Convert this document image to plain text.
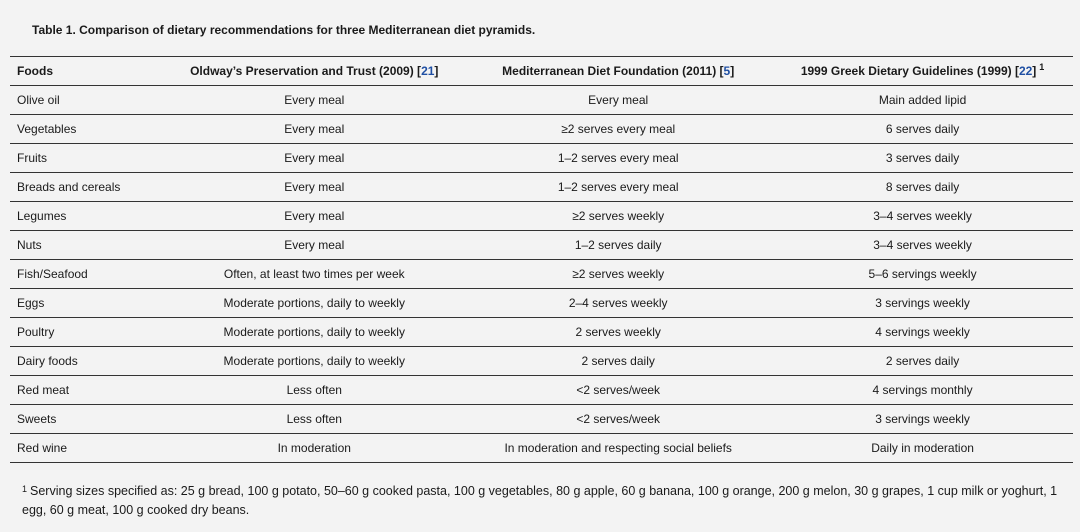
Table 1. Comparison of dietary recommendations for three Mediterranean diet pyramids.
Foods	Oldway’s Preservation and Trust (2009) [21]	Mediterranean Diet Foundation (2011) [5]	1999 Greek Dietary Guidelines (1999) [22] $^1$
Olive oil	Every meal	Every meal	Main added lipid
Vegetables	Every meal	≥2 serves every meal	6 serves daily
Fruits	Every meal	1–2 serves every meal	3 serves daily
Breads and cereals	Every meal	1–2 serves every meal	8 serves daily
Legumes	Every meal	≥2 serves weekly	3–4 serves weekly
Nuts	Every meal	1–2 serves daily	3–4 serves weekly
Fish/Seafood	Often, at least two times per week	≥2 serves weekly	5–6 servings weekly
Eggs	Moderate portions, daily to weekly	2–4 serves weekly	3 servings weekly
Poultry	Moderate portions, daily to weekly	2 serves weekly	4 servings weekly
Dairy foods	Moderate portions, daily to weekly	2 serves daily	2 serves daily
Red meat	Less often	<2 serves/week	4 servings monthly
Sweets	Less often	<2 serves/week	3 servings weekly
Red wine	In moderation	In moderation and respecting social beliefs	Daily in moderation
$^1$ Serving sizes specified as: 25 g bread, 100 g potato, 50–60 g cooked pasta, 100 g vegetables, 80 g apple, 60 g banana, 100 g orange, 200 g melon, 30 g grapes, 1 cup milk or yoghurt, 1 egg, 60 g meat, 100 g cooked dry beans.
